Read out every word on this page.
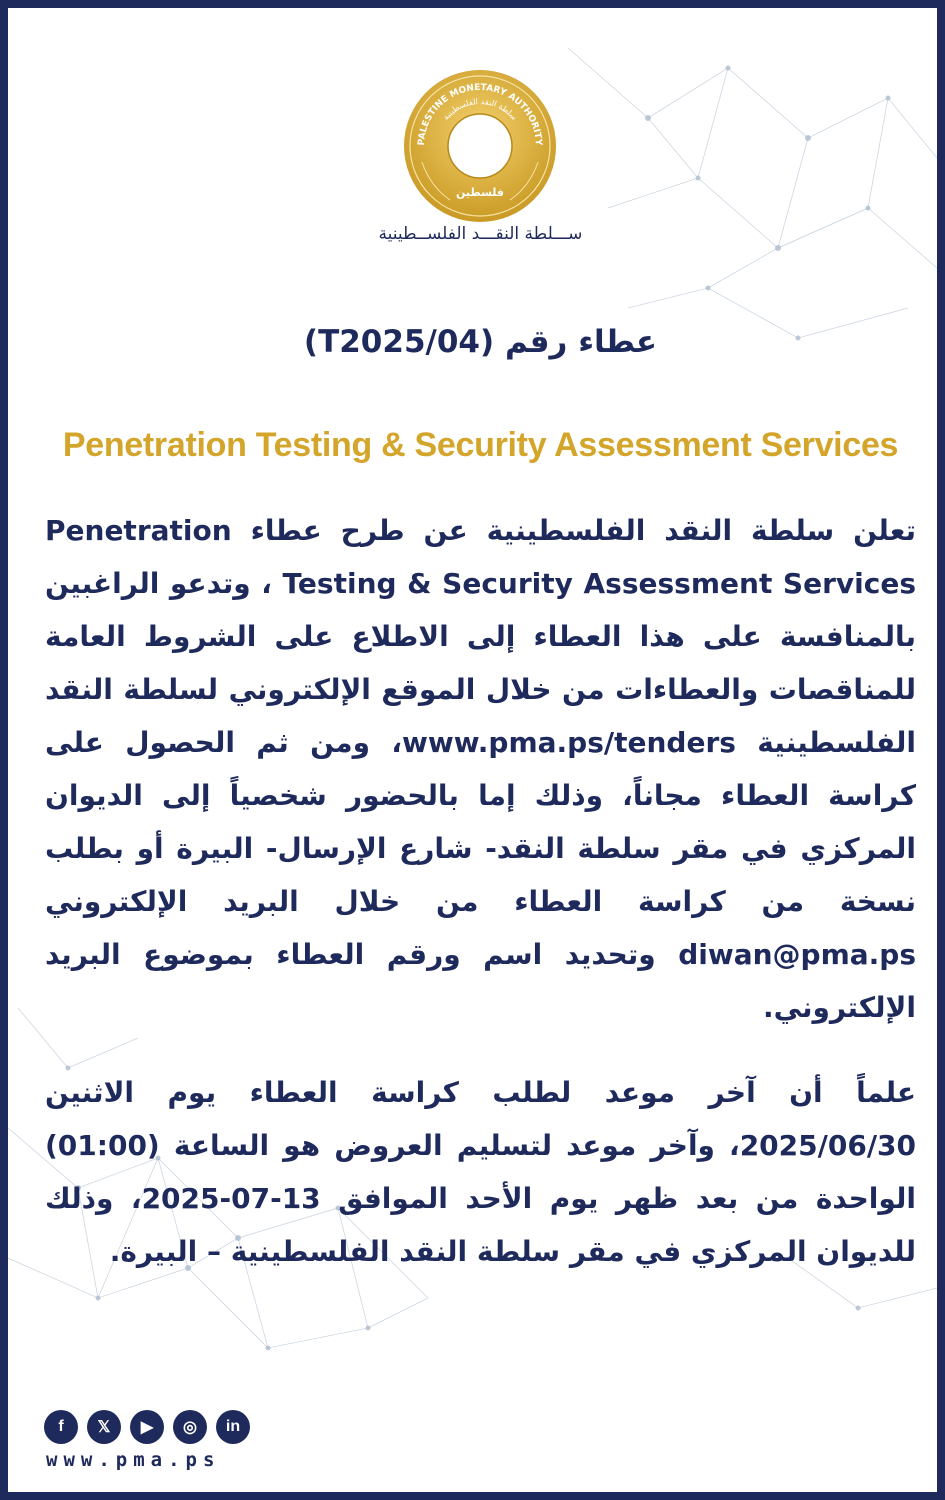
PALESTINE MONETARY AUTHORITY
سلطة النقد الفلسطينية
فلسطين
ســـلطة النقـــد الفلســطينية
عطاء رقم (T2025/04)
Penetration Testing & Security Assessment Services

تعلن سلطة النقد الفلسطينية عن طرح عطاء Penetration Testing & Security Assessment Services ، وتدعو الراغبين بالمنافسة على هذا العطاء إلى الاطلاع على الشروط العامة للمناقصات والعطاءات من خلال الموقع الإلكتروني لسلطة النقد الفلسطينية www.pma.ps/tenders، ومن ثم الحصول على كراسة العطاء مجاناً، وذلك إما بالحضور شخصياً إلى الديوان المركزي في مقر سلطة النقد- شارع الإرسال- البيرة أو بطلب نسخة من كراسة العطاء من خلال البريد الإلكتروني diwan@pma.ps وتحديد اسم ورقم العطاء بموضوع البريد الإلكتروني.

علماً أن آخر موعد لطلب كراسة العطاء يوم الاثنين 2025/06/30، وآخر موعد لتسليم العروض هو الساعة (01:00) الواحدة من بعد ظهر يوم الأحد الموافق 2025-07-13، وذلك للديوان المركزي في مقر سلطة النقد الفلسطينية – البيرة.

f	𝕏	▶	◎	in
www.pma.ps
